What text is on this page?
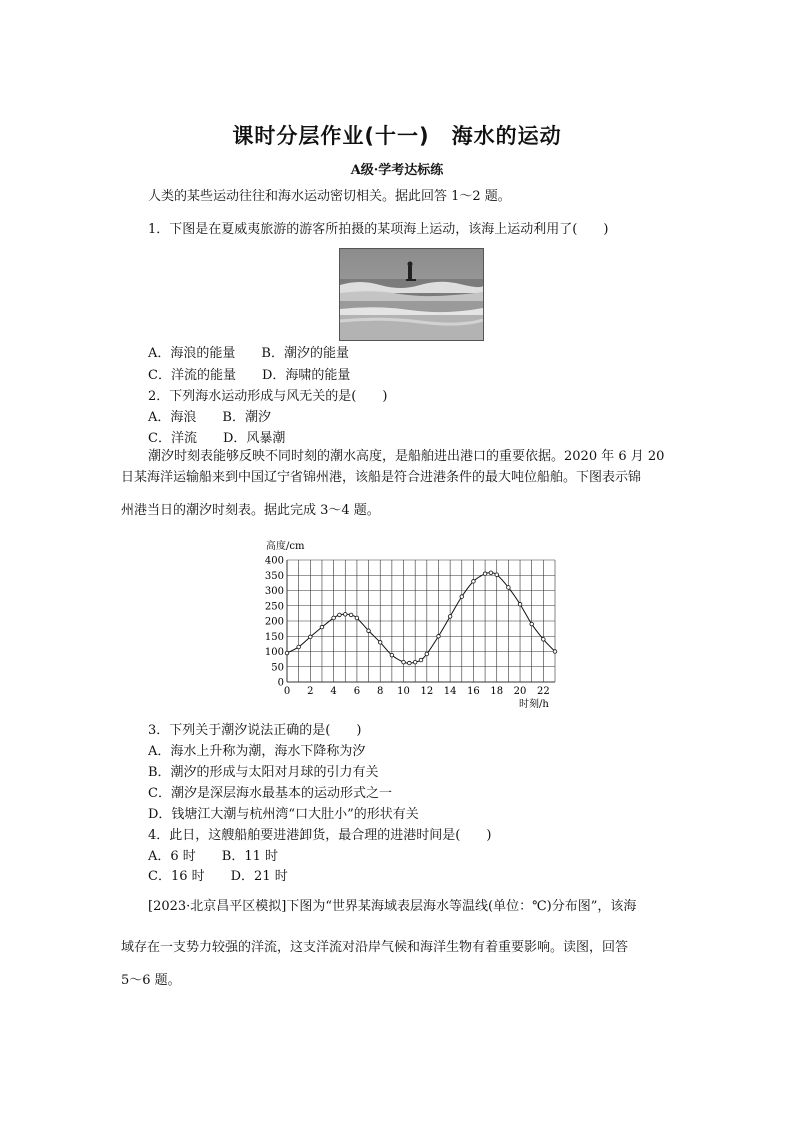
课时分层作业(十一)　海水的运动
A级·学考达标练
人类的某些运动往往和海水运动密切相关。据此回答 1～2 题。
1．下图是在夏威夷旅游的游客所拍摄的某项海上运动，该海上运动利用了(　　)
A．海浪的能量　　B．潮汐的能量
C．洋流的能量　　D．海啸的能量
2．下列海水运动形成与风无关的是(　　)
A．海浪　　B．潮汐
C．洋流　　D．风暴潮
潮汐时刻表能够反映不同时刻的潮水高度，是船舶进出港口的重要依据。2020 年 6 月 20
日某海洋运输船来到中国辽宁省锦州港，该船是符合进港条件的最大吨位船舶。下图表示锦
州港当日的潮汐时刻表。据此完成 3～4 题。
0
50
100
150
200
250
300
350
400
0 2 4 6 8 10 12 14 16 18 20 22
高度/cm
时刻/h
3．下列关于潮汐说法正确的是(　　)
A．海水上升称为潮，海水下降称为汐
B．潮汐的形成与太阳对月球的引力有关
C．潮汐是深层海水最基本的运动形式之一
D．钱塘江大潮与杭州湾“口大肚小”的形状有关
4．此日，这艘船舶要进港卸货，最合理的进港时间是(　　)
A．6 时　　B．11 时
C．16 时　　D．21 时
[2023·北京昌平区模拟]下图为“世界某海域表层海水等温线(单位：℃)分布图”，该海
域存在一支势力较强的洋流，这支洋流对沿岸气候和海洋生物有着重要影响。读图，回答
5～6 题。
